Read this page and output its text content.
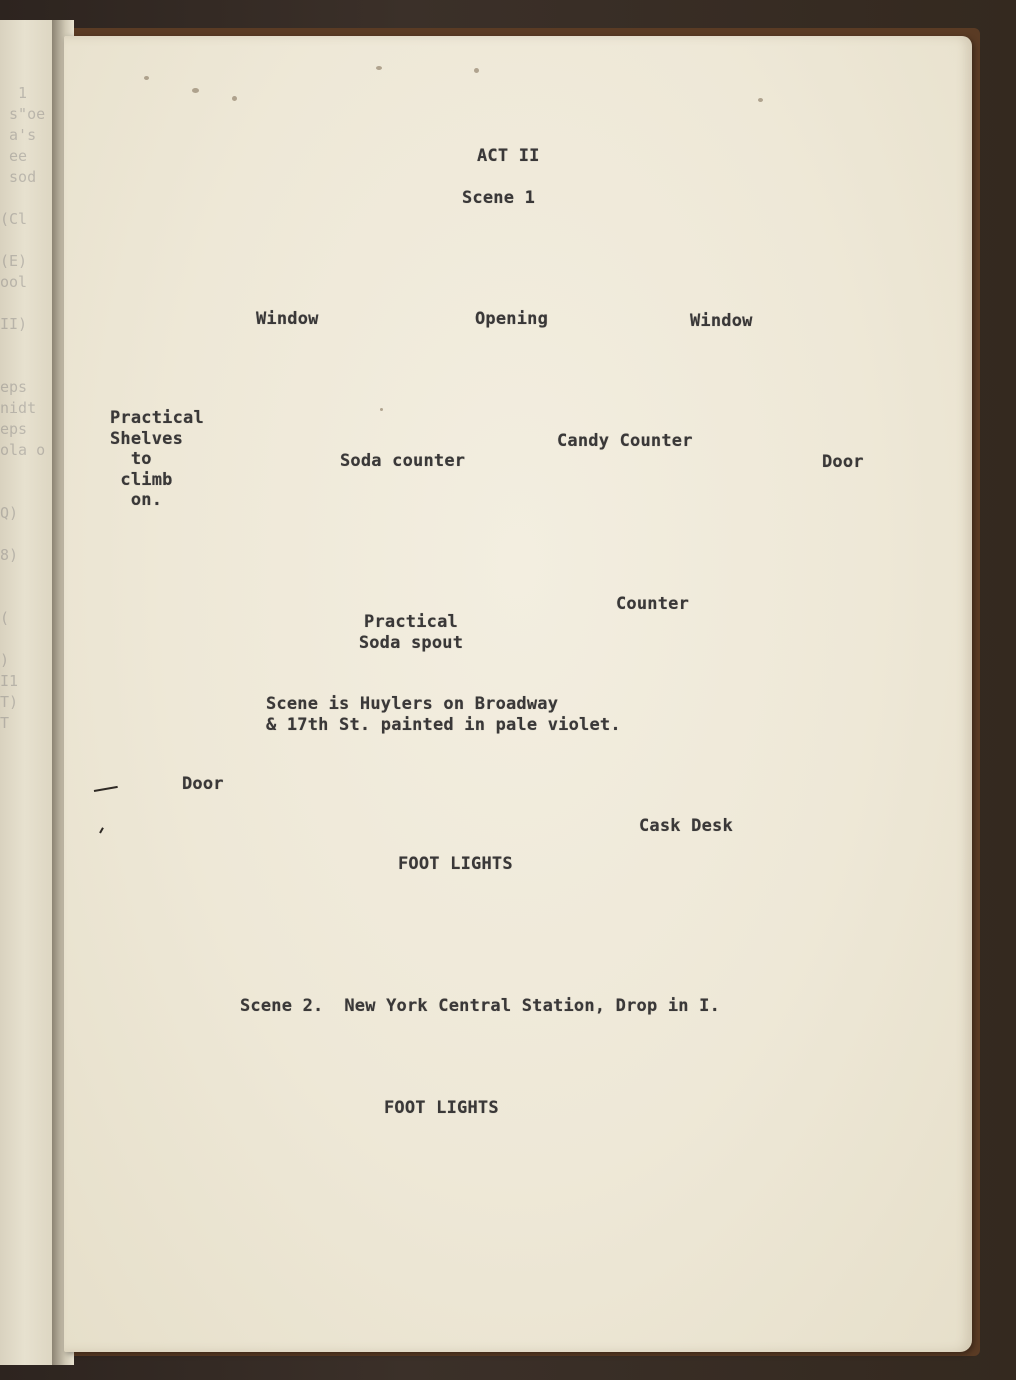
1
s"oe
a's
ee
sod

(Cl

(E)
ool

II)

eps
nidt
eps
ola o

Q)

8)

(

)
I1
T)
T
ACT II
Scene 1
Window	Opening	Window
Practical
Shelves
to
climb
on.
Soda counter
Candy Counter
Door
Counter
Practical
Soda spout
Scene is Huylers on Broadway
& 17th St. painted in pale violet.
Door
Cask Desk
FOOT LIGHTS
Scene 2.  New York Central Station, Drop in I.
FOOT LIGHTS
